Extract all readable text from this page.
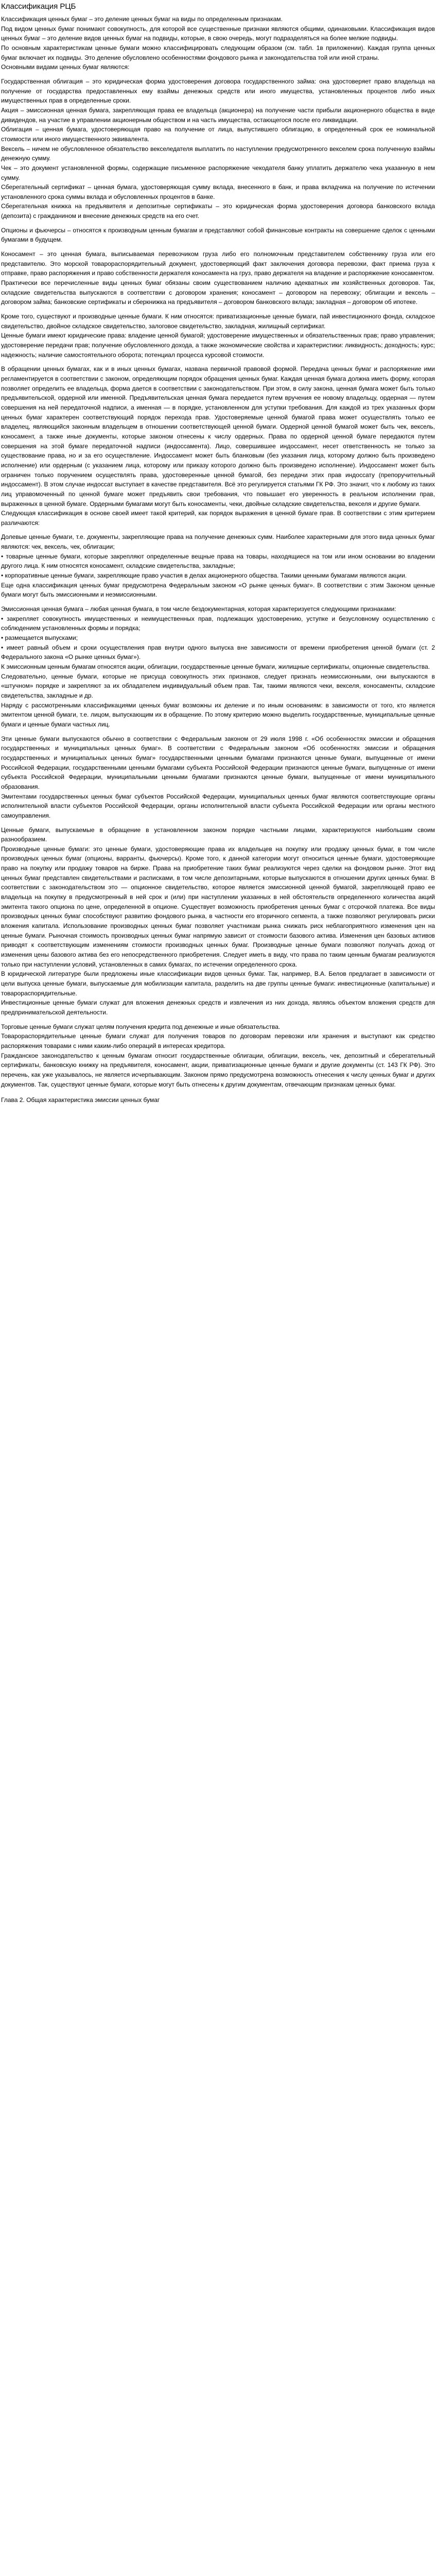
Классификация РЦБ

Классификация ценных бумаг – это деление ценных бумаг на виды по определенным признакам.

Под видом ценных бумаг понимают совокупность, для которой все существенные признаки являются общими, одинаковыми. Классификация видов ценных бумаг – это деление видов ценных бумаг на подвиды, которые, в свою очередь, могут подразделяться на более мелкие подвиды.

По основным характеристикам ценные бумаги можно классифицировать следующим образом (см. табл. 1в приложении). Каждая группа ценных бумаг включает их подвиды. Это деление обусловлено особенностями фондового рынка и законодательства той или иной страны.

Основными видами ценных бумаг являются:

Государственная облигация – это юридическая форма удостоверения договора государственного займа: она удостоверяет право владельца на получение от государства предоставленных ему взаймы денежных средств или иного имущества, установленных процентов либо иных имущественных прав в определенные сроки.

Акция – эмиссионная ценная бумага, закрепляющая права ее владельца (акционера) на получение части прибыли акционерного общества в виде дивидендов, на участие в управлении акционерным обществом и на часть имущества, остающегося после его ликвидации.

Облигация – ценная бумага, удостоверяющая право на получение от лица, выпустившего облигацию, в определенный срок ее номинальной стоимости или иного имущественного эквивалента.

Вексель – ничем не обусловленное обязательство векселедателя выплатить по наступлении предусмотренного векселем срока полученную взаймы денежную сумму.

Чек – это документ установленной формы, содержащие письменное распоряжение чекодателя банку уплатить держателю чека указанную в нем сумму.

Сберегательный сертификат – ценная бумага, удостоверяющая сумму вклада, внесенного в банк, и права вкладчика на получение по истечении установленного срока суммы вклада и обусловленных процентов в банке.

Сберегательная книжка на предъявителя и депозитные сертификаты – это юридическая форма удостоверения договора банковского вклада (депозита) с гражданином и внесение денежных средств на его счет.

Опционы и фьючерсы – относятся к производным ценным бумагам и представляют собой финансовые контракты на совершение сделок с ценными бумагами в будущем.

Коносамент – это ценная бумага, выписываемая перевозчиком груза либо его полномочным представителем собственнику груза или его представителю. Это морской товарораспорядительный документ, удостоверяющий факт заключения договора перевозки, факт приема груза к отправке, право распоряжения и право собственности держателя коносамента на груз, право держателя на владение и распоряжение коносаментом.

Практически все перечисленные виды ценных бумаг обязаны своим существованием наличию адекватных им хозяйственных договоров. Так, складские свидетельства выпускаются в соответствии с договором хранения; коносамент – договором на перевозку; облигации и вексель – договором займа; банковские сертификаты и сберкнижка на предъявителя – договором банковского вклада; закладная – договором об ипотеке.

Кроме того, существуют и производные ценные бумаги. К ним относятся: приватизационные ценные бумаги, пай инвестиционного фонда, складское свидетельство, двойное складское свидетельство, залоговое свидетельство, закладная, жилищный сертификат.

Ценные бумаги имеют юридические права: владение ценной бумагой; удостоверение имущественных и обязательственных прав; право управления; удостоверение передачи прав; получение обусловленного дохода, а также экономические свойства и характеристики: ликвидность; доходность; курс; надежность; наличие самостоятельного оборота; потенциал процесса курсовой стоимости.

В обращении ценных бумагах, как и в иных ценных бумагах, названа первичной правовой формой. Передача ценных бумаг и распоряжение ими регламентируется в соответствии с законом, определяющим порядок обращения ценных бумаг. Каждая ценная бумага должна иметь форму, которая позволяет определить ее владельца, форма дается в соответствии с законодательством. При этом, в силу закона, ценная бумага может быть только предъявительской, ордерной или именной. Предъявительская ценная бумага передается путем вручения ее новому владельцу, ордерная — путем совершения на ней передаточной надписи, а именная — в порядке, установленном для уступки требования. Для каждой из трех указанных форм ценных бумаг характерен соответствующий порядок перехода прав. Удостоверяемые ценной бумагой права может осуществлять только ее владелец, являющийся законным владельцем в отношении соответствующей ценной бумаги. Ордерной ценной бумагой может быть чек, вексель, коносамент, а также иные документы, которые законом отнесены к числу ордерных. Права по ордерной ценной бумаге передаются путем совершения на этой бумаге передаточной надписи (индоссамента). Лицо, совершившее индоссамент, несет ответственность не только за существование права, но и за его осуществление. Индоссамент может быть бланковым (без указания лица, которому должно быть произведено исполнение) или ордерным (с указанием лица, которому или приказу которого должно быть произведено исполнение). Индоссамент может быть ограничен только поручением осуществлять права, удостоверенные ценной бумагой, без передачи этих прав индоссату (препоручительный индоссамент). В этом случае индоссат выступает в качестве представителя. Всё это регулируется статьями ГК РФ. Это значит, что к любому из таких лиц управомоченный по ценной бумаге может предъявить свои требования, что повышает его уверенность в реальном исполнении прав, выраженных в ценной бумаге. Ордерными бумагами могут быть коносаменты, чеки, двойные складские свидетельства, векселя и другие бумаги.

Следующая классификация в основе своей имеет такой критерий, как порядок выражения в ценной бумаге прав. В соответствии с этим критерием различаются:

Долевые ценные бумаги, т.е. документы, закрепляющие права на получение денежных сумм. Наиболее характерными для этого вида ценных бумаг являются: чек, вексель, чек, облигации;

• товарные ценные бумаги, которые закрепляют определенные вещные права на товары, находящиеся на том или ином основании во владении другого лица. К ним относятся коносамент, складские свидетельства, закладные;

• корпоративные ценные бумаги, закрепляющие право участия в делах акционерного общества. Такими ценными бумагами являются акции.

Еще одна классификация ценных бумаг предусмотрена Федеральным законом «О рынке ценных бумаг». В соответствии с этим Законом ценные бумаги могут быть эмиссионными и неэмиссионными.

Эмиссионная ценная бумага – любая ценная бумага, в том числе бездокументарная, которая характеризуется следующими признаками:

• закрепляет совокупность имущественных и неимущественных прав, подлежащих удостоверению, уступке и безусловному осуществлению с соблюдением установленных формы и порядка;

• размещается выпусками;

• имеет равный объем и сроки осуществления прав внутри одного выпуска вне зависимости от времени приобретения ценной бумаги (ст. 2 Федерального закона «О рынке ценных бумаг»).

К эмиссионным ценным бумагам относятся акции, облигации, государственные ценные бумаги, жилищные сертификаты, опционные свидетельства.

Следовательно, ценные бумаги, которые не присуща совокупность этих признаков, следует признать неэмиссионными, они выпускаются в «штучном» порядке и закрепляют за их обладателем индивидуальный объем прав. Так, такими являются чеки, векселя, коносаменты, складские свидетельства, закладные и др.

Наряду с рассмотренными классификациями ценных бумаг возможны их деление и по иным основаниям: в зависимости от того, кто является эмитентом ценной бумаги, т.е. лицом, выпускающим их в обращение. По этому критерию можно выделить государственные, муниципальные ценные бумаги и ценные бумаги частных лиц.

Эти ценные бумаги выпускаются обычно в соответствии с Федеральным законом от 29 июля 1998 г. «Об особенностях эмиссии и обращения государственных и муниципальных ценных бумаг». В соответствии с Федеральным законом «Об особенностях эмиссии и обращения государственных и муниципальных ценных бумаг» государственными ценными бумагами признаются ценные бумаги, выпущенные от имени Российской Федерации, государственными ценными бумагами субъекта Российской Федерации признаются ценные бумаги, выпущенные от имени субъекта Российской Федерации, муниципальными ценными бумагами признаются ценные бумаги, выпущенные от имени муниципального образования.

Эмитентами государственных ценных бумаг субъектов Российской Федерации, муниципальных ценных бумаг являются соответствующие органы исполнительной власти субъектов Российской Федерации, органы исполнительной власти субъекта Российской Федерации или органы местного самоуправления.

Ценные бумаги, выпускаемые в обращение в установленном законом порядке частными лицами, характеризуются наибольшим своим разнообразием.

Производные ценные бумаги: это ценные бумаги, удостоверяющие права их владельцев на покупку или продажу ценных бумаг, в том числе производных ценных бумаг (опционы, варранты, фьючерсы). Кроме того, к данной категории могут относиться ценные бумаги, удостоверяющие право на покупку или продажу товаров на бирже. Права на приобретение таких бумаг реализуются через сделки на фондовом рынке. Этот вид ценных бумаг представлен свидетельствами и расписками, в том числе депозитарными, которые выпускаются в отношении других ценных бумаг. В соответствии с законодательством это — опционное свидетельство, которое является эмиссионной ценной бумагой, закрепляющей право ее владельца на покупку в предусмотренный в ней срок и (или) при наступлении указанных в ней обстоятельств определенного количества акций эмитента такого опциона по цене, определенной в опционе. Существует возможность приобретения ценных бумаг с отсрочкой платежа. Все виды производных ценных бумаг способствуют развитию фондового рынка, в частности его вторичного сегмента, а также позволяют регулировать риски вложения капитала. Использование производных ценных бумаг позволяет участникам рынка снижать риск неблагоприятного изменения цен на ценные бумаги. Рыночная стоимость производных ценных бумаг напрямую зависит от стоимости базового актива. Изменения цен базовых активов приводят к соответствующим изменениям стоимости производных ценных бумаг. Производные ценные бумаги позволяют получать доход от изменения цены базового актива без его непосредственного приобретения. Следует иметь в виду, что права по таким ценным бумагам реализуются только при наступлении условий, установленных в самих бумагах, по истечении определенного срока.

В юридической литературе были предложены иные классификации видов ценных бумаг. Так, например, В.А. Белов предлагает в зависимости от цели выпуска ценные бумаги, выпускаемые для мобилизации капитала, разделить на две группы ценные бумаги: инвестиционные (капитальные) и товарораспорядительные.

Инвестиционные ценные бумаги служат для вложения денежных средств и извлечения из них дохода, являясь объектом вложения средств для предпринимательской деятельности.

Торговые ценные бумаги служат целям получения кредита под денежные и иные обязательства.

Товарораспорядительные ценные бумаги служат для получения товаров по договорам перевозки или хранения и выступают как средство распоряжения товарами с ними каким-либо операций в интересах кредитора.

Гражданское законодательство к ценным бумагам относит государственные облигации, облигации, вексель, чек, депозитный и сберегательный сертификаты, банковскую книжку на предъявителя, коносамент, акции, приватизационные ценные бумаги и другие документы (ст. 143 ГК РФ). Это перечень, как уже указывалось, не является исчерпывающим. Законом прямо предусмотрена возможность отнесения к числу ценных бумаг и других документов. Так, существуют ценные бумаги, которые могут быть отнесены к другим документам, отвечающим признакам ценных бумаг.

Глава 2. Общая характеристика эмиссии ценных бумаг
